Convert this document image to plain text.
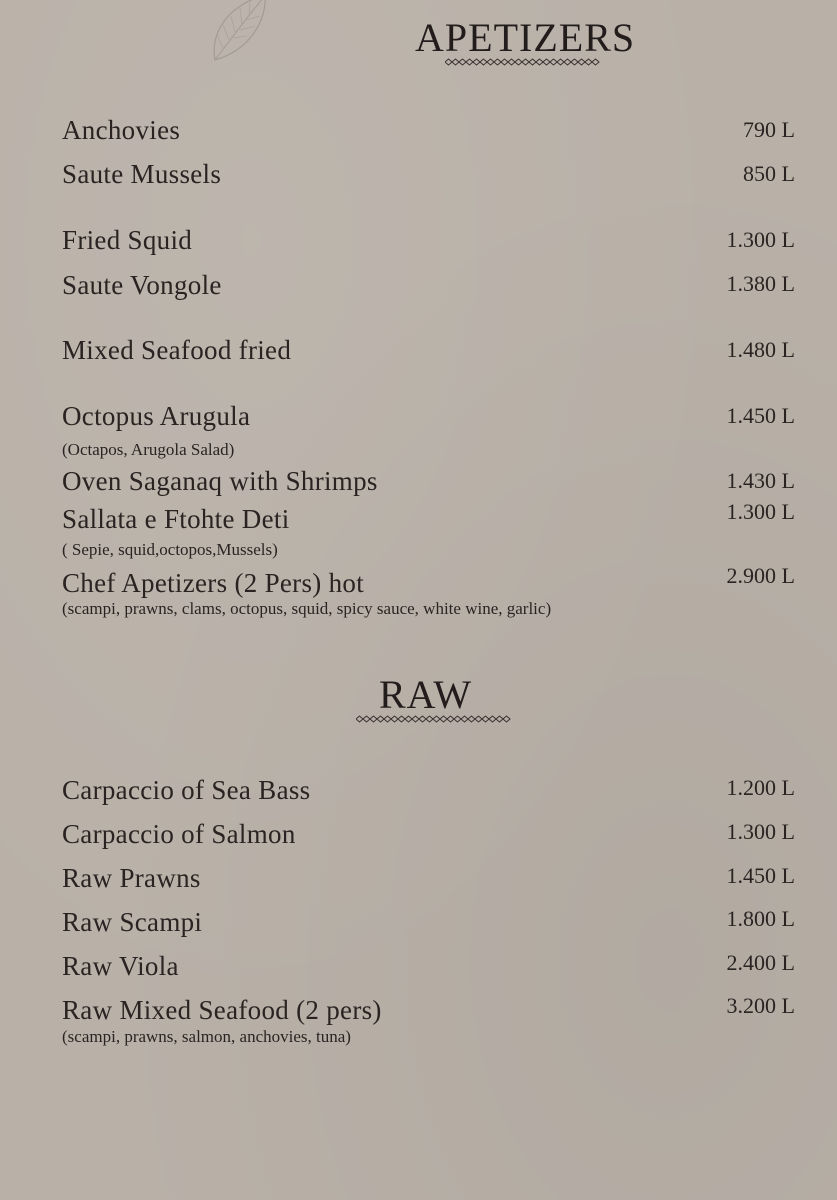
APETIZERS
Anchovies	790 L
Saute Mussels	850 L
Fried Squid	1.300 L
Saute Vongole	1.380 L
Mixed Seafood fried	1.480 L
Octopus Arugula	1.450 L
(Octapos, Arugola Salad)
Oven Saganaq with Shrimps	1.430 L
Sallata e Ftohte Deti	1.300 L
( Sepie, squid,octopos,Mussels)
Chef Apetizers (2 Pers) hot	2.900 L
(scampi, prawns, clams, octopus, squid, spicy sauce, white wine, garlic)
RAW
Carpaccio of Sea Bass	1.200 L
Carpaccio of Salmon	1.300 L
Raw Prawns	1.450 L
Raw Scampi	1.800 L
Raw Viola	2.400 L
Raw Mixed Seafood (2 pers)	3.200 L
(scampi, prawns, salmon, anchovies, tuna)
